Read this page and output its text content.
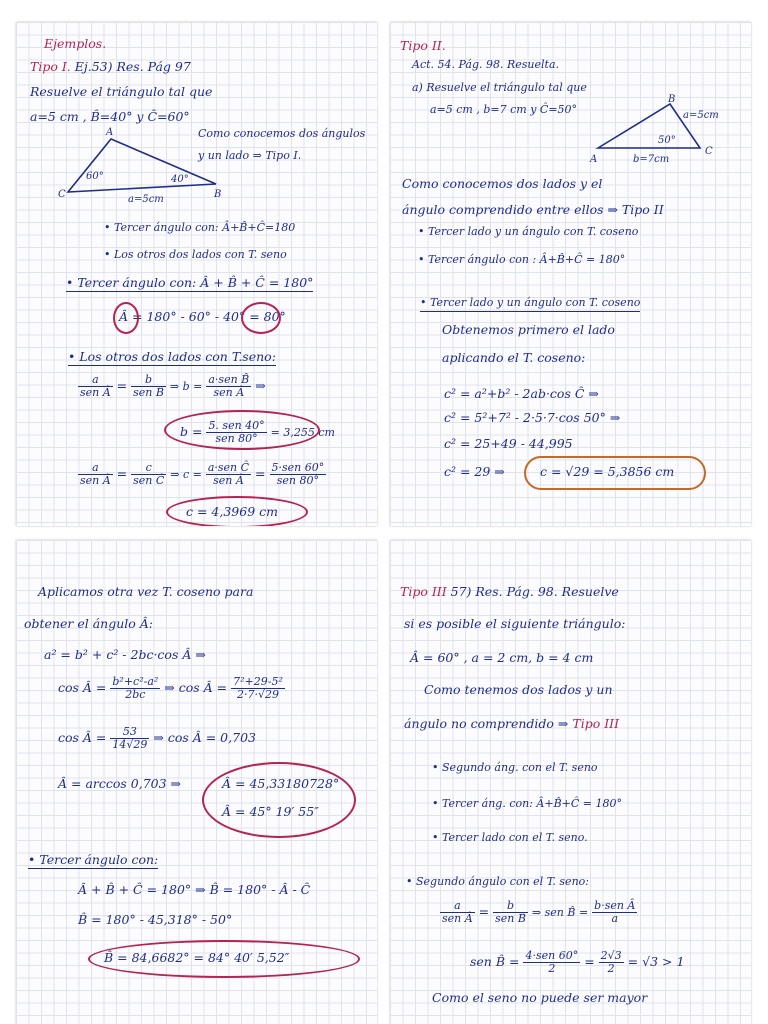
Ejemplos.
Tipo I. Ej.53) Res. Pág 97
Resuelve el triángulo tal que
a=5 cm , B̂=40° y Ĉ=60°
A
C	B
60°	40°
a=5cm
Como conocemos dos ángulos
y un lado ⇒ Tipo I.
• Tercer ángulo con: Â+B̂+Ĉ=180
• Los otros dos lados con T. seno
• Tercer ángulo con: Â + B̂ + Ĉ = 180°
Â = 180° - 60° - 40° = 80°
• Los otros dos lados con T.seno:
$\frac{a}{\text{sen Â}} = \frac{b}{\text{sen B̂}}$ ⇒ $b = \frac{\text{a·sen B̂}}{\text{sen Â}}$ ⇒
$b = \frac{\text{5. sen 40°}}{\text{sen 80°}} = 3,255$ cm
$\frac{a}{\text{sen Â}} = \frac{c}{\text{sen Ĉ}}$ ⇒ $c = \frac{\text{a·sen Ĉ}}{\text{sen Â}} = \frac{\text{5·sen 60°}}{\text{sen 80°}}$
c = 4,3969 cm
Tipo II.
Act. 54. Pág. 98. Resuelta.
a) Resuelve el triángulo tal que
a=5 cm , b=7 cm y Ĉ=50°
B
A
C
a=5cm
50°
b=7cm
Como conocemos dos lados y el
ángulo comprendido entre ellos ⇒ Tipo II
• Tercer lado y un ángulo con T. coseno
• Tercer ángulo con : Â+B̂+Ĉ = 180°
• Tercer lado y un ángulo con T. coseno
Obtenemos primero el lado
aplicando el T. coseno:
c² = a²+b² - 2ab·cos Ĉ ⇒
c² = 5²+7² - 2·5·7·cos 50° ⇒
c² = 25+49 - 44,995
c² = 29 ⇒	c = √29 = 5,3856 cm
Aplicamos otra vez T. coseno para
obtener el ángulo Â:
a² = b² + c² - 2bc·cos Â ⇒
cos Â = $\frac{\text{b²+c²-a²}}{2bc}$ ⇒ cos Â = $\frac{\text{7²+29-5²}}{2\cdot 7\cdot√29}$
cos Â = $\frac{53}{14√29}$ ⇒ cos Â = 0,703
Â = arccos 0,703 ⇒	Â = 45,33180728°
Â = 45° 19′ 55″
• Tercer ángulo con:
Â + B̂ + Ĉ = 180° ⇒ B̂ = 180° - Â - Ĉ
B̂ = 180° - 45,318° - 50°
B̂ = 84,6682° = 84° 40′ 5,52″
Tipo III 57) Res. Pág. 98. Resuelve
si es posible el siguiente triángulo:
Â = 60° , a = 2 cm, b = 4 cm
Como tenemos dos lados y un
ángulo no comprendido ⇒ Tipo III
• Segundo áng. con el T. seno
• Tercer áng. con: Â+B̂+Ĉ = 180°
• Tercer lado con el T. seno.
• Segundo ángulo con el T. seno:
$\frac{a}{\text{sen Â}} = \frac{b}{\text{sen B̂}}$ ⇒ sen B̂ = $\frac{\text{b·sen Â}}{a}$
sen B̂ = $\frac{\text{4·sen 60°}}{2} = \frac{2√3}{2} = √3 > 1$
Como el seno no puede ser mayor
